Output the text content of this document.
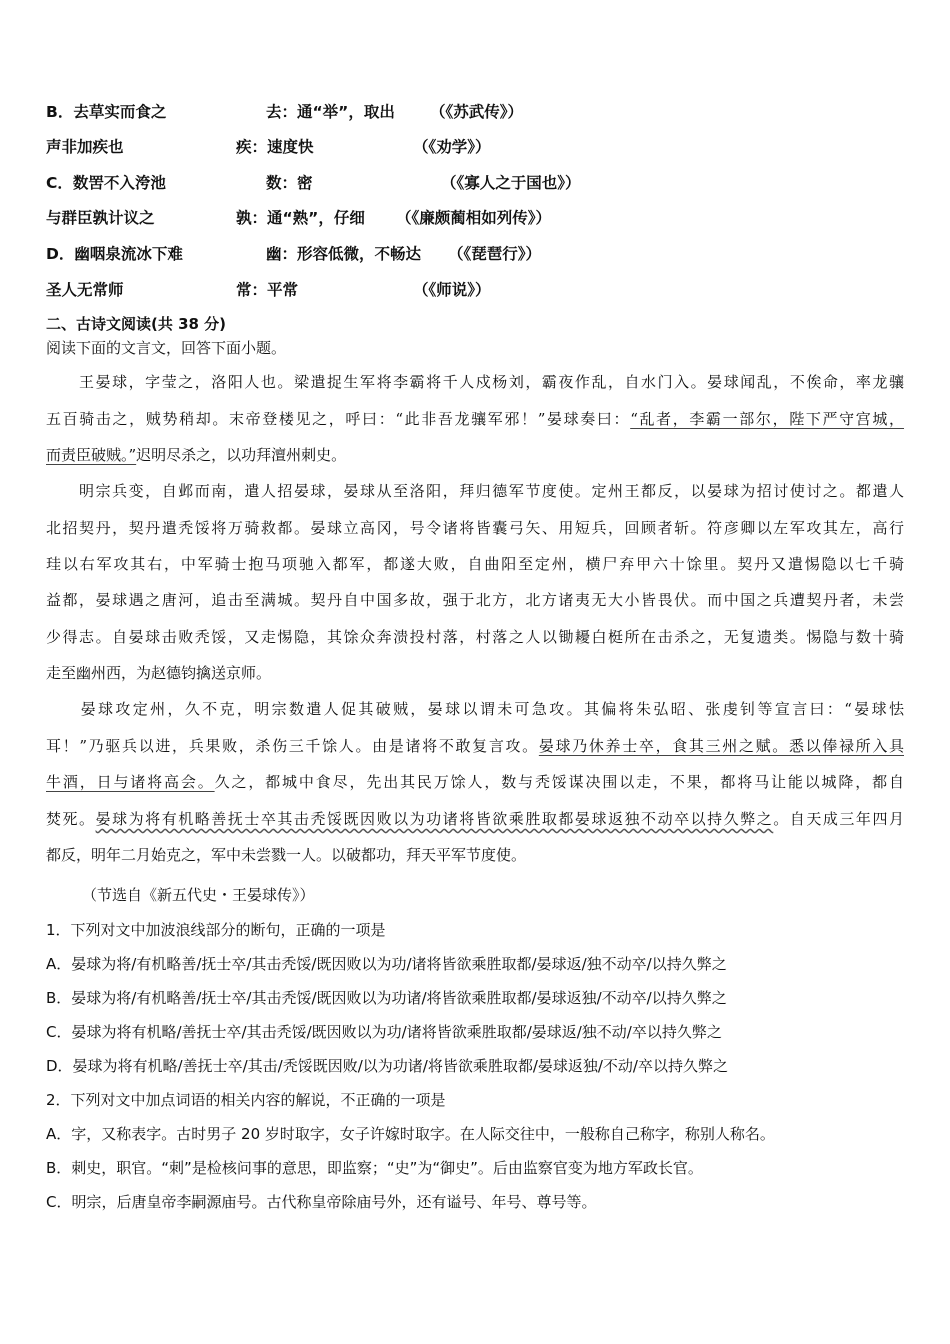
B．去草实而食之	去：通“举”，取出 （《苏武传》）
声非加疾也	疾：速度快	（《劝学》）
C．数罟不入洿池	数：密	（《寡人之于国也》）
与群臣孰计议之	孰：通“熟”，仔细 （《廉颇蔺相如列传》）
D．幽咽泉流冰下难	幽：形容低微，不畅达 （《琵琶行》）
圣人无常师	常：平常	（《师说》）
二、古诗文阅读(共 38 分)
阅读下面的文言文，回答下面小题。
　　王晏球，字莹之，洛阳人也。梁遣捉生军将李霸将千人戍杨刘，霸夜作乱，自水门入。晏球闻乱，不俟命，率龙骧
五百骑击之，贼势稍却。末帝登楼见之，呼曰：“此非吾龙骧军邪！”晏球奏曰：“乱者，李霸一部尔，陛下严守宫城，
而责臣破贼。”迟明尽杀之，以功拜澶州刺史。
　　明宗兵变，自邺而南，遣人招晏球，晏球从至洛阳，拜归德军节度使。定州王都反，以晏球为招讨使讨之。都遣人
北招契丹，契丹遣秃馁将万骑救都。晏球立高冈，号令诸将皆囊弓矢、用短兵，回顾者斩。符彦卿以左军攻其左，高行
珪以右军攻其右，中军骑士抱马项驰入都军，都遂大败，自曲阳至定州，横尸弃甲六十馀里。契丹又遣惕隐以七千骑
益都，晏球遇之唐河，追击至满城。契丹自中国多故，强于北方，北方诸夷无大小皆畏伏。而中国之兵遭契丹者，未尝
少得志。自晏球击败秃馁，又走惕隐，其馀众奔溃投村落，村落之人以锄耰白梃所在击杀之，无复遗类。惕隐与数十骑
走至幽州西，为赵德钧擒送京师。
　　晏球攻定州，久不克，明宗数遣人促其破贼，晏球以谓未可急攻。其偏将朱弘昭、张虔钊等宣言曰：“晏球怯
耳！”乃驱兵以进，兵果败，杀伤三千馀人。由是诸将不敢复言攻。晏球乃休养士卒，食其三州之赋。悉以俸禄所入具
牛酒，日与诸将高会。久之，都城中食尽，先出其民万馀人，数与秃馁谋决围以走，不果，都将马让能以城降，都自
焚死。晏球为将有机略善抚士卒其击秃馁既因败以为功诸将皆欲乘胜取都晏球返独不动卒以持久弊之。自天成三年四月
都反，明年二月始克之，军中未尝戮一人。以破都功，拜天平军节度使。
（节选自《新五代史・王晏球传》）
1．下列对文中加波浪线部分的断句，正确的一项是
A．晏球为将/有机略善/抚士卒/其击秃馁/既因败以为功/诸将皆欲乘胜取都/晏球返/独不动卒/以持久弊之
B．晏球为将/有机略善/抚士卒/其击秃馁/既因败以为功诸/将皆欲乘胜取都/晏球返独/不动卒/以持久弊之
C．晏球为将有机略/善抚士卒/其击秃馁/既因败以为功/诸将皆欲乘胜取都/晏球返/独不动/卒以持久弊之
D．晏球为将有机略/善抚士卒/其击/秃馁既因败/以为功诸/将皆欲乘胜取都/晏球返独/不动/卒以持久弊之
2．下列对文中加点词语的相关内容的解说，不正确的一项是
A．字，又称表字。古时男子 20 岁时取字，女子许嫁时取字。在人际交往中，一般称自己称字，称别人称名。
B．刺史，职官。“刺”是检核问事的意思，即监察；“史”为“御史”。后由监察官变为地方军政长官。
C．明宗，后唐皇帝李嗣源庙号。古代称皇帝除庙号外，还有谥号、年号、尊号等。
